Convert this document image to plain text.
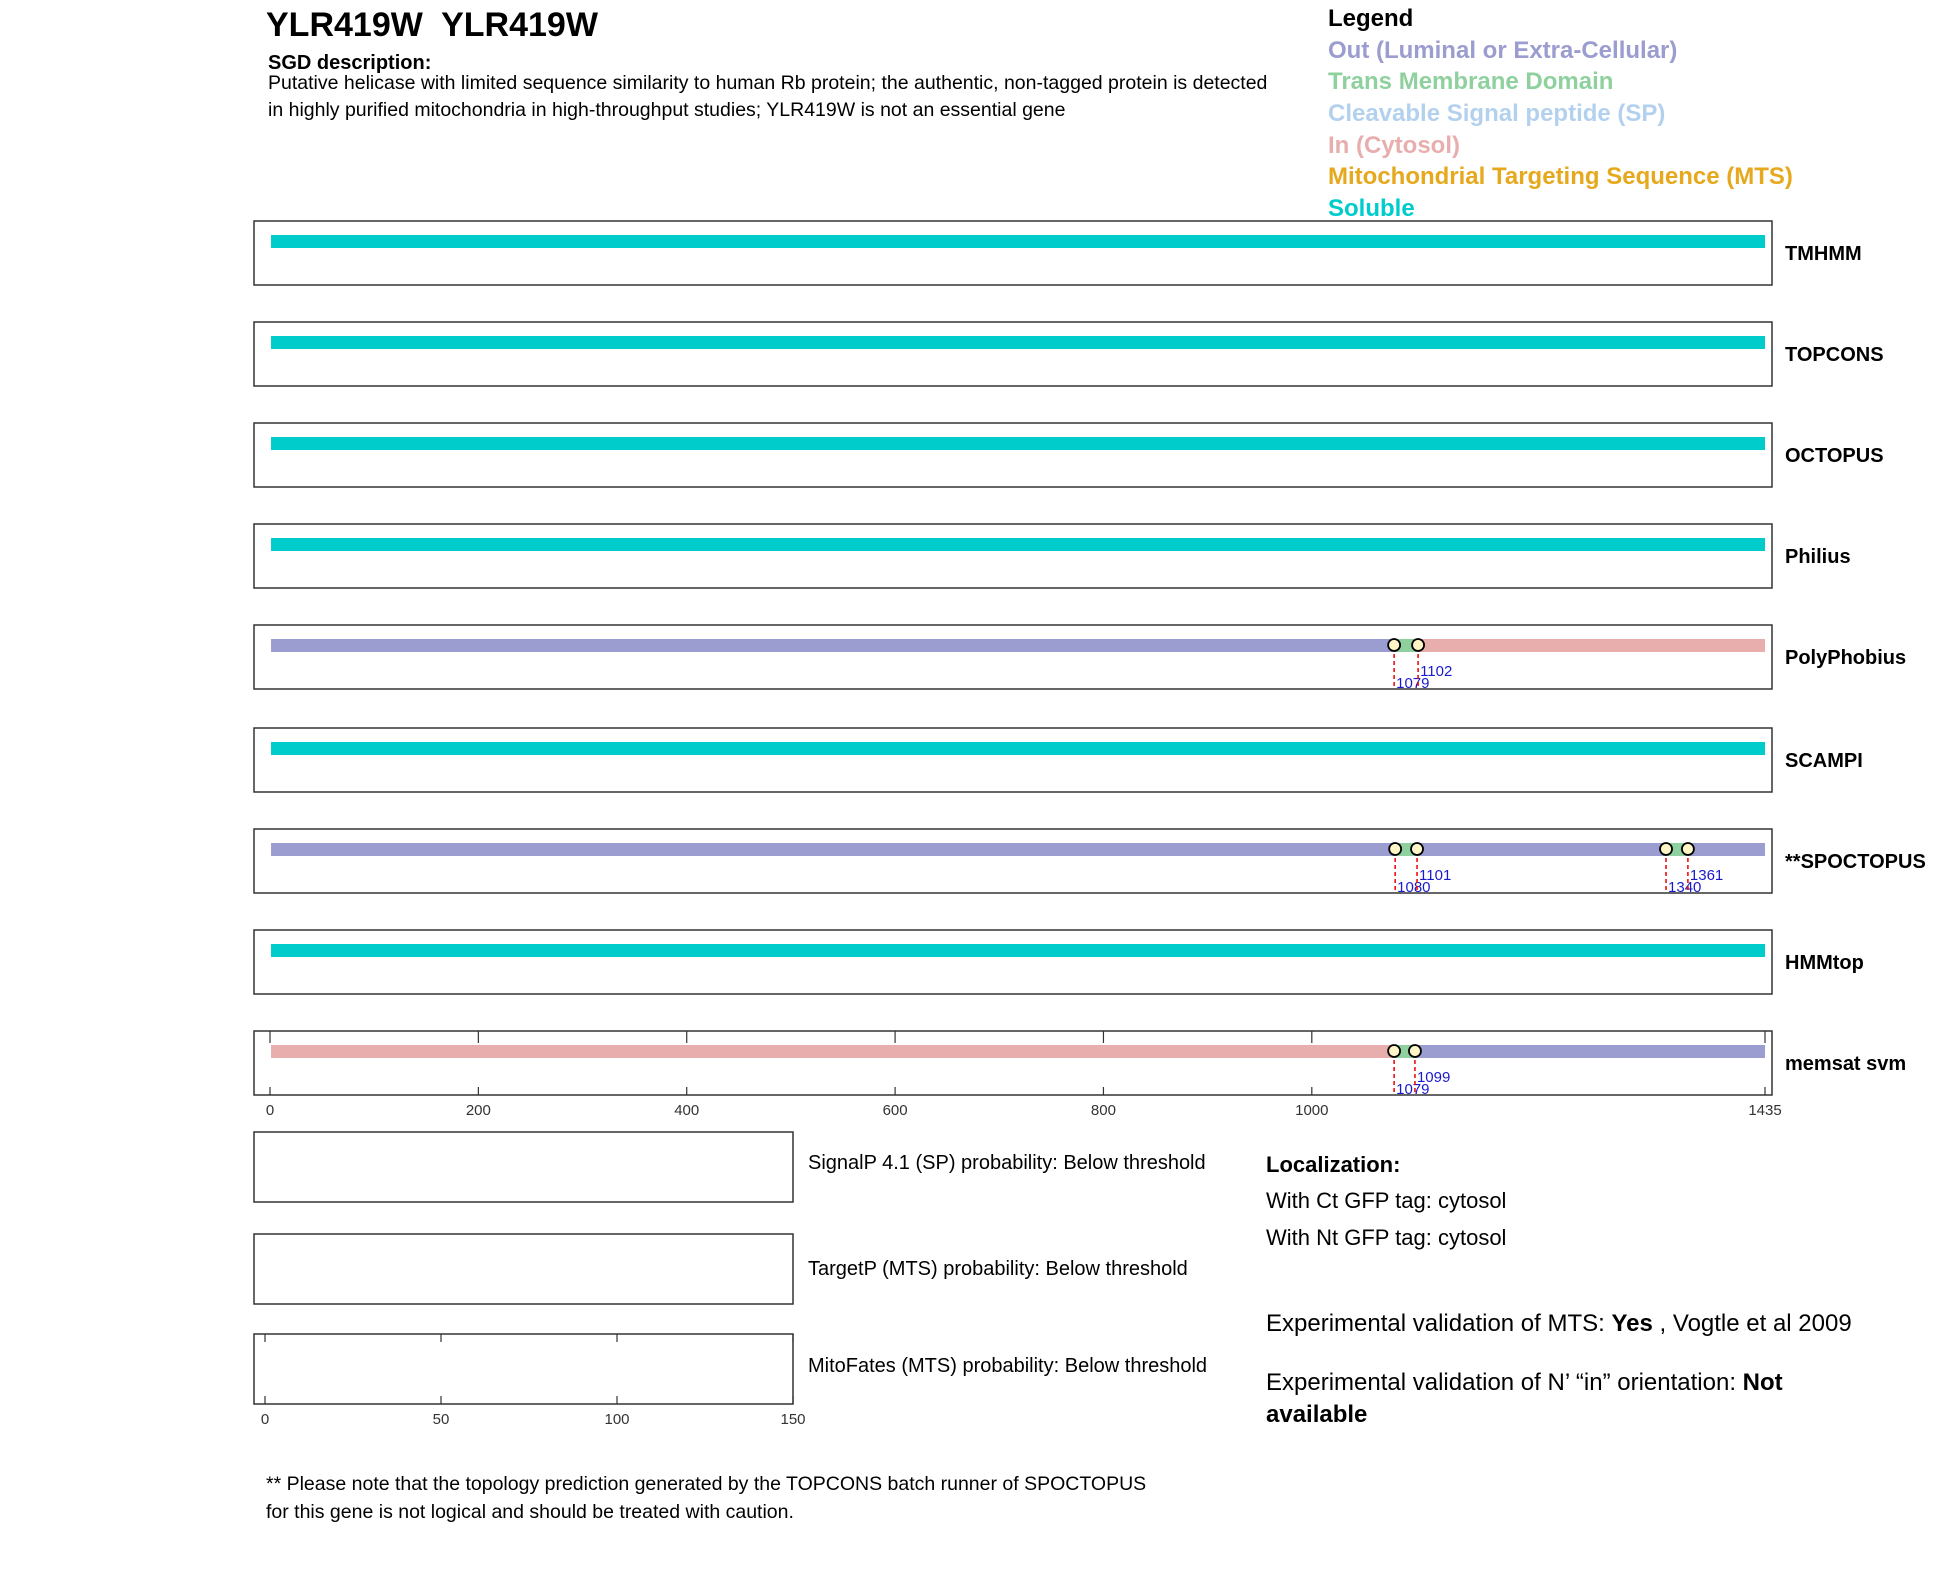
YLR419W  YLR419W
SGD description:
Putative helicase with limited sequence similarity to human Rb protein; the authentic, non-tagged protein is detected in highly purified mitochondria in high-throughput studies; YLR419W is not an essential gene
Legend
Out (Luminal or Extra-Cellular)
Trans Membrane Domain
Cleavable Signal peptide (SP)
In (Cytosol)
Mitochondrial Targeting Sequence (MTS)
Soluble
TMHMM
TOPCONS
OCTOPUS
Philius
1079
1102
PolyPhobius
SCAMPI
1080
1101
1340
1361
**SPOCTOPUS
HMMtop
1079
1099
memsat svm
0	200	400	600	800	1000	1435
0	50	100	150
SignalP 4.1 (SP) probability: Below threshold
TargetP (MTS) probability: Below threshold
MitoFates (MTS) probability: Below threshold
Localization:
With Ct GFP tag: cytosol
With Nt GFP tag: cytosol
Experimental validation of MTS: Yes , Vogtle et al 2009
Experimental validation of N’ “in” orientation: Not
available
** Please note that the topology prediction generated by the TOPCONS batch runner of SPOCTOPUS for this gene is not logical and should be treated with caution.
